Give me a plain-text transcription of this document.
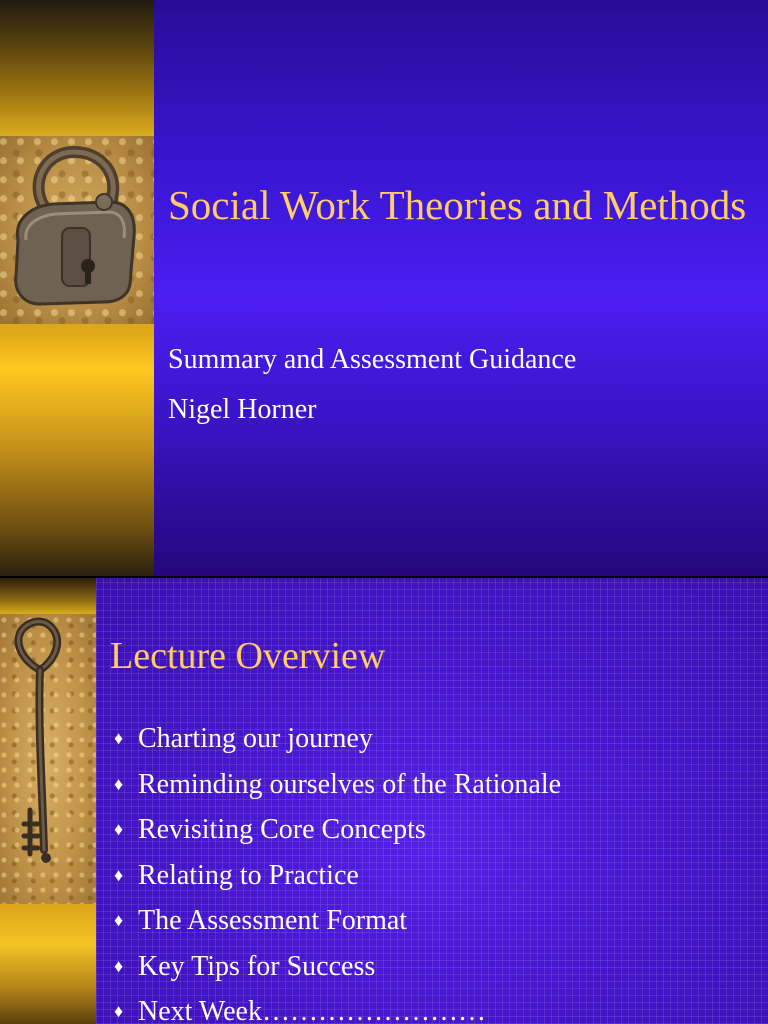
Social Work Theories and Methods

Summary and Assessment Guidance

Nigel Horner

Lecture Overview
♦ Charting our journey
♦ Reminding ourselves of the Rationale
♦ Revisiting Core Concepts
♦ Relating to Practice
♦ The Assessment Format
♦ Key Tips for Success
♦ Next Week……………………
